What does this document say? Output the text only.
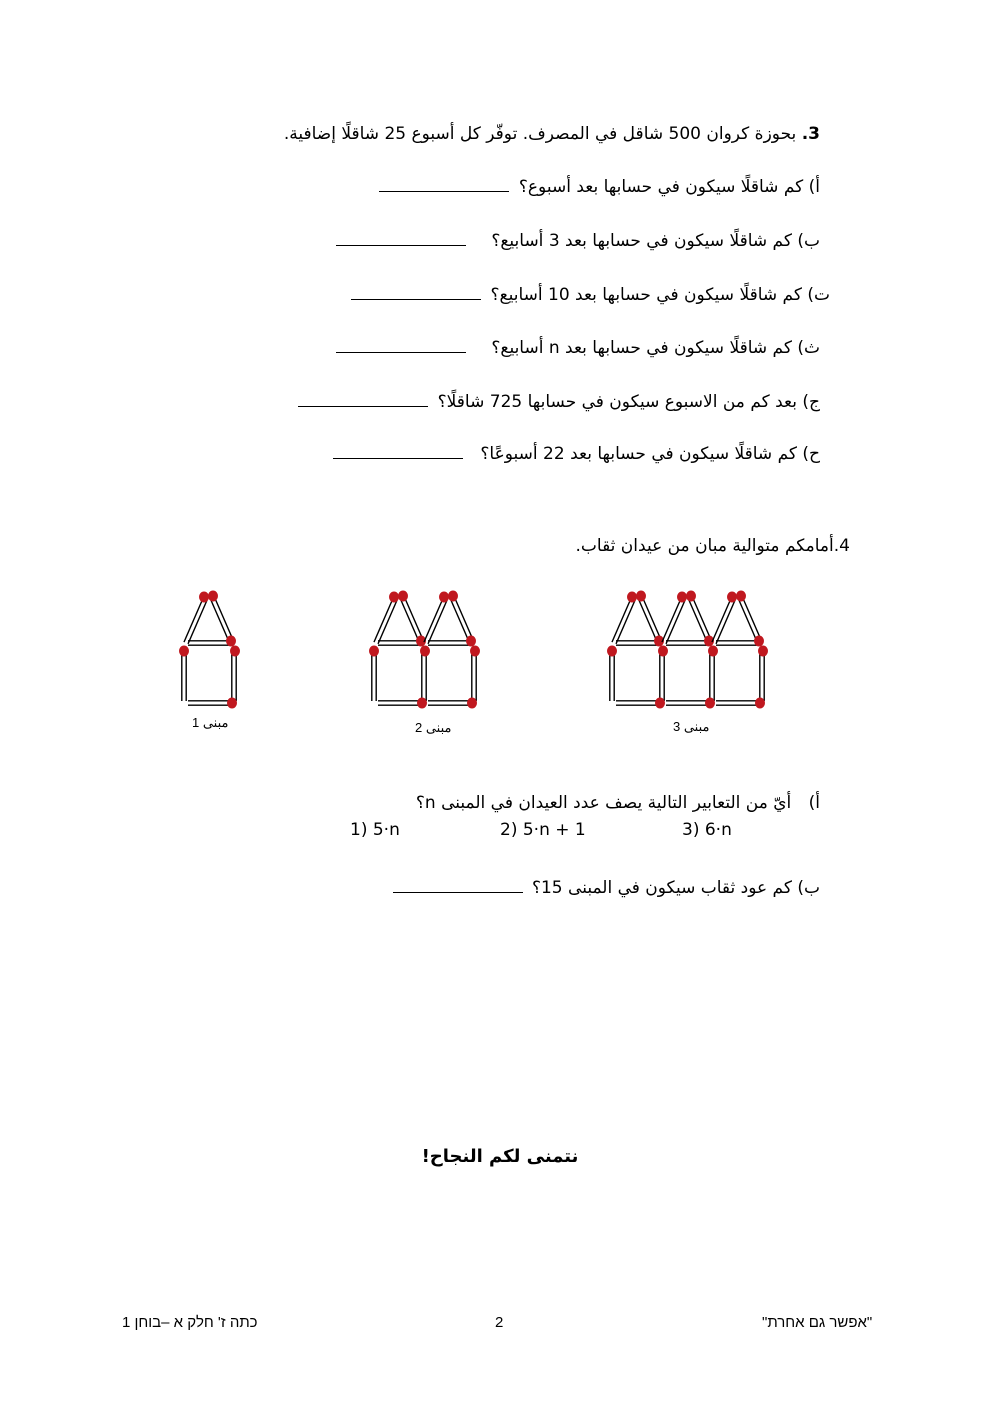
3. بحوزة كروان 500 شاقل في المصرف. توفّر كل أسبوع 25 شاقلًا إضافية.
أ) كم شاقلًا سيكون في حسابها بعد أسبوع؟
ب) كم شاقلًا سيكون في حسابها بعد 3 أسابيع؟
ت) كم شاقلًا سيكون في حسابها بعد 10 أسابيع؟
ث) كم شاقلًا سيكون في حسابها بعد n أسابيع؟
ج) بعد كم من الاسبوع سيكون في حسابها 725 شاقلًا؟
ح) كم شاقلًا سيكون في حسابها بعد 22 أسبوعًا؟
4.أمامكم متوالية مبان من عيدان ثقاب.
مبنى 1	مبنى 2	مبنى 3
أ) أيّ من التعابير التالية يصف عدد العيدان في المبنى n؟
1) 5·n	2) 5·n + 1	3) 6·n
ب) كم عود ثقاب سيكون في المبنى 15؟
نتمنى لكم النجاح!
כתה ז' חלק א –בוחן 1	2	"אפשר גם אחרת"
